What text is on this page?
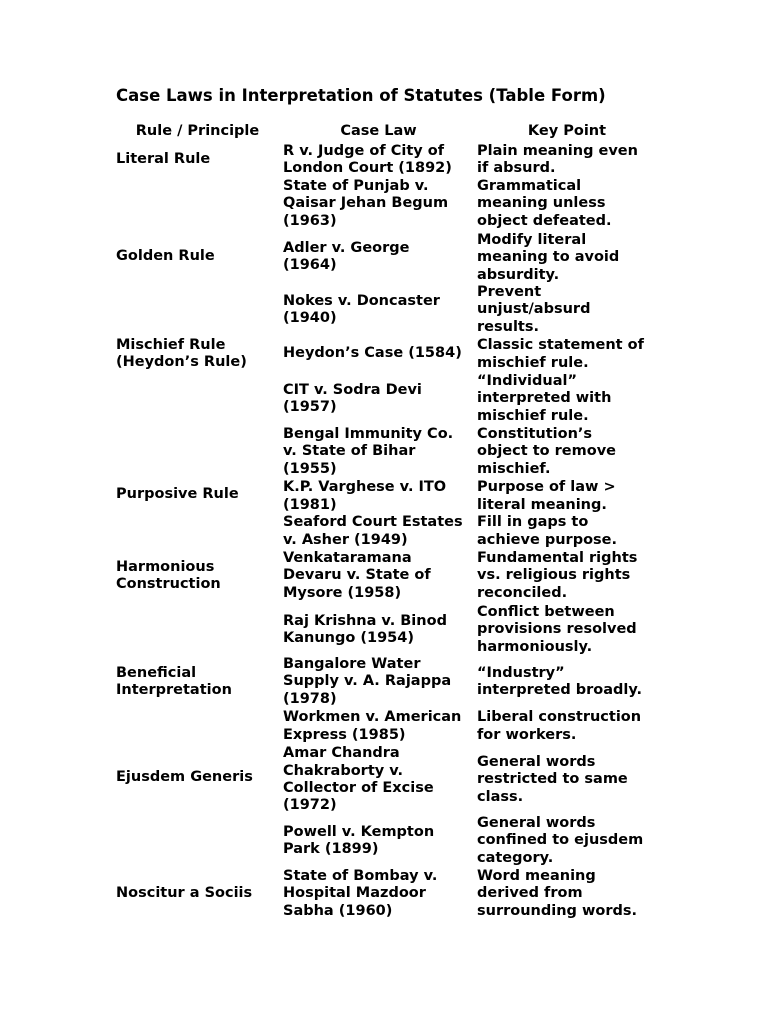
Case Laws in Interpretation of Statutes (Table Form)
Rule / Principle	Case Law	Key Point
Literal Rule
Golden Rule
Mischief Rule
(Heydon’s Rule)
Purposive Rule
Harmonious
Construction
Beneficial
Interpretation
Ejusdem Generis
Noscitur a Sociis
R v. Judge of City of
London Court (1892)
State of Punjab v.
Qaisar Jehan Begum
(1963)
Adler v. George
(1964)
Nokes v. Doncaster
(1940)
Heydon’s Case (1584)
CIT v. Sodra Devi
(1957)
Bengal Immunity Co.
v. State of Bihar
(1955)
K.P. Varghese v. ITO
(1981)
Seaford Court Estates
v. Asher (1949)
Venkataramana
Devaru v. State of
Mysore (1958)
Raj Krishna v. Binod
Kanungo (1954)
Bangalore Water
Supply v. A. Rajappa
(1978)
Workmen v. American
Express (1985)
Amar Chandra
Chakraborty v.
Collector of Excise
(1972)
Powell v. Kempton
Park (1899)
State of Bombay v.
Hospital Mazdoor
Sabha (1960)
Plain meaning even
if absurd.
Grammatical
meaning unless
object defeated.
Modify literal
meaning to avoid
absurdity.
Prevent
unjust/absurd
results.
Classic statement of
mischief rule.
“Individual”
interpreted with
mischief rule.
Constitution’s
object to remove
mischief.
Purpose of law >
literal meaning.
Fill in gaps to
achieve purpose.
Fundamental rights
vs. religious rights
reconciled.
Conflict between
provisions resolved
harmoniously.
“Industry”
interpreted broadly.
Liberal construction
for workers.
General words
restricted to same
class.
General words
confined to ejusdem
category.
Word meaning
derived from
surrounding words.
